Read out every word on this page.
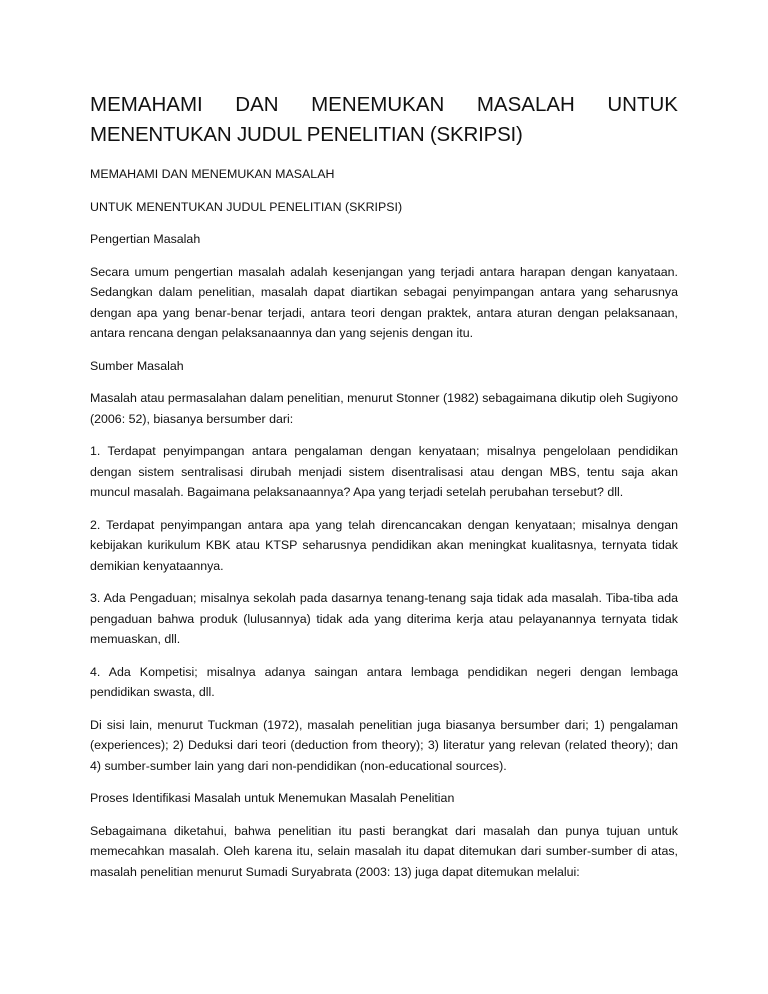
MEMAHAMI DAN MENEMUKAN MASALAH UNTUK
MENENTUKAN JUDUL PENELITIAN (SKRIPSI)

MEMAHAMI DAN MENEMUKAN MASALAH

UNTUK MENENTUKAN JUDUL PENELITIAN (SKRIPSI)

Pengertian Masalah

Secara umum pengertian masalah adalah kesenjangan yang terjadi antara harapan dengan kanyataan. Sedangkan dalam penelitian, masalah dapat diartikan sebagai penyimpangan antara yang seharusnya dengan apa yang benar-benar terjadi, antara teori dengan praktek, antara aturan dengan pelaksanaan, antara rencana dengan pelaksanaannya dan yang sejenis dengan itu.

Sumber Masalah

Masalah atau permasalahan dalam penelitian, menurut Stonner (1982) sebagaimana dikutip oleh Sugiyono (2006: 52), biasanya bersumber dari:

1. Terdapat penyimpangan antara pengalaman dengan kenyataan; misalnya pengelolaan pendidikan dengan sistem sentralisasi dirubah menjadi sistem disentralisasi atau dengan MBS, tentu saja akan muncul masalah. Bagaimana pelaksanaannya? Apa yang terjadi setelah perubahan tersebut? dll.

2. Terdapat penyimpangan antara apa yang telah direncancakan dengan kenyataan; misalnya dengan kebijakan kurikulum KBK atau KTSP seharusnya pendidikan akan meningkat kualitasnya, ternyata tidak demikian kenyataannya.

3. Ada Pengaduan; misalnya sekolah pada dasarnya tenang-tenang saja tidak ada masalah. Tiba-tiba ada pengaduan bahwa produk (lulusannya) tidak ada yang diterima kerja atau pelayanannya ternyata tidak memuaskan, dll.

4. Ada Kompetisi; misalnya adanya saingan antara lembaga pendidikan negeri dengan lembaga pendidikan swasta, dll.

Di sisi lain, menurut Tuckman (1972), masalah penelitian juga biasanya bersumber dari; 1) pengalaman (experiences); 2) Deduksi dari teori (deduction from theory); 3) literatur yang relevan (related theory); dan 4) sumber-sumber lain yang dari non-pendidikan (non-educational sources).

Proses Identifikasi Masalah untuk Menemukan Masalah Penelitian

Sebagaimana diketahui, bahwa penelitian itu pasti berangkat dari masalah dan punya tujuan untuk memecahkan masalah. Oleh karena itu, selain masalah itu dapat ditemukan dari sumber-sumber di atas, masalah penelitian menurut Sumadi Suryabrata (2003: 13) juga dapat ditemukan melalui:
